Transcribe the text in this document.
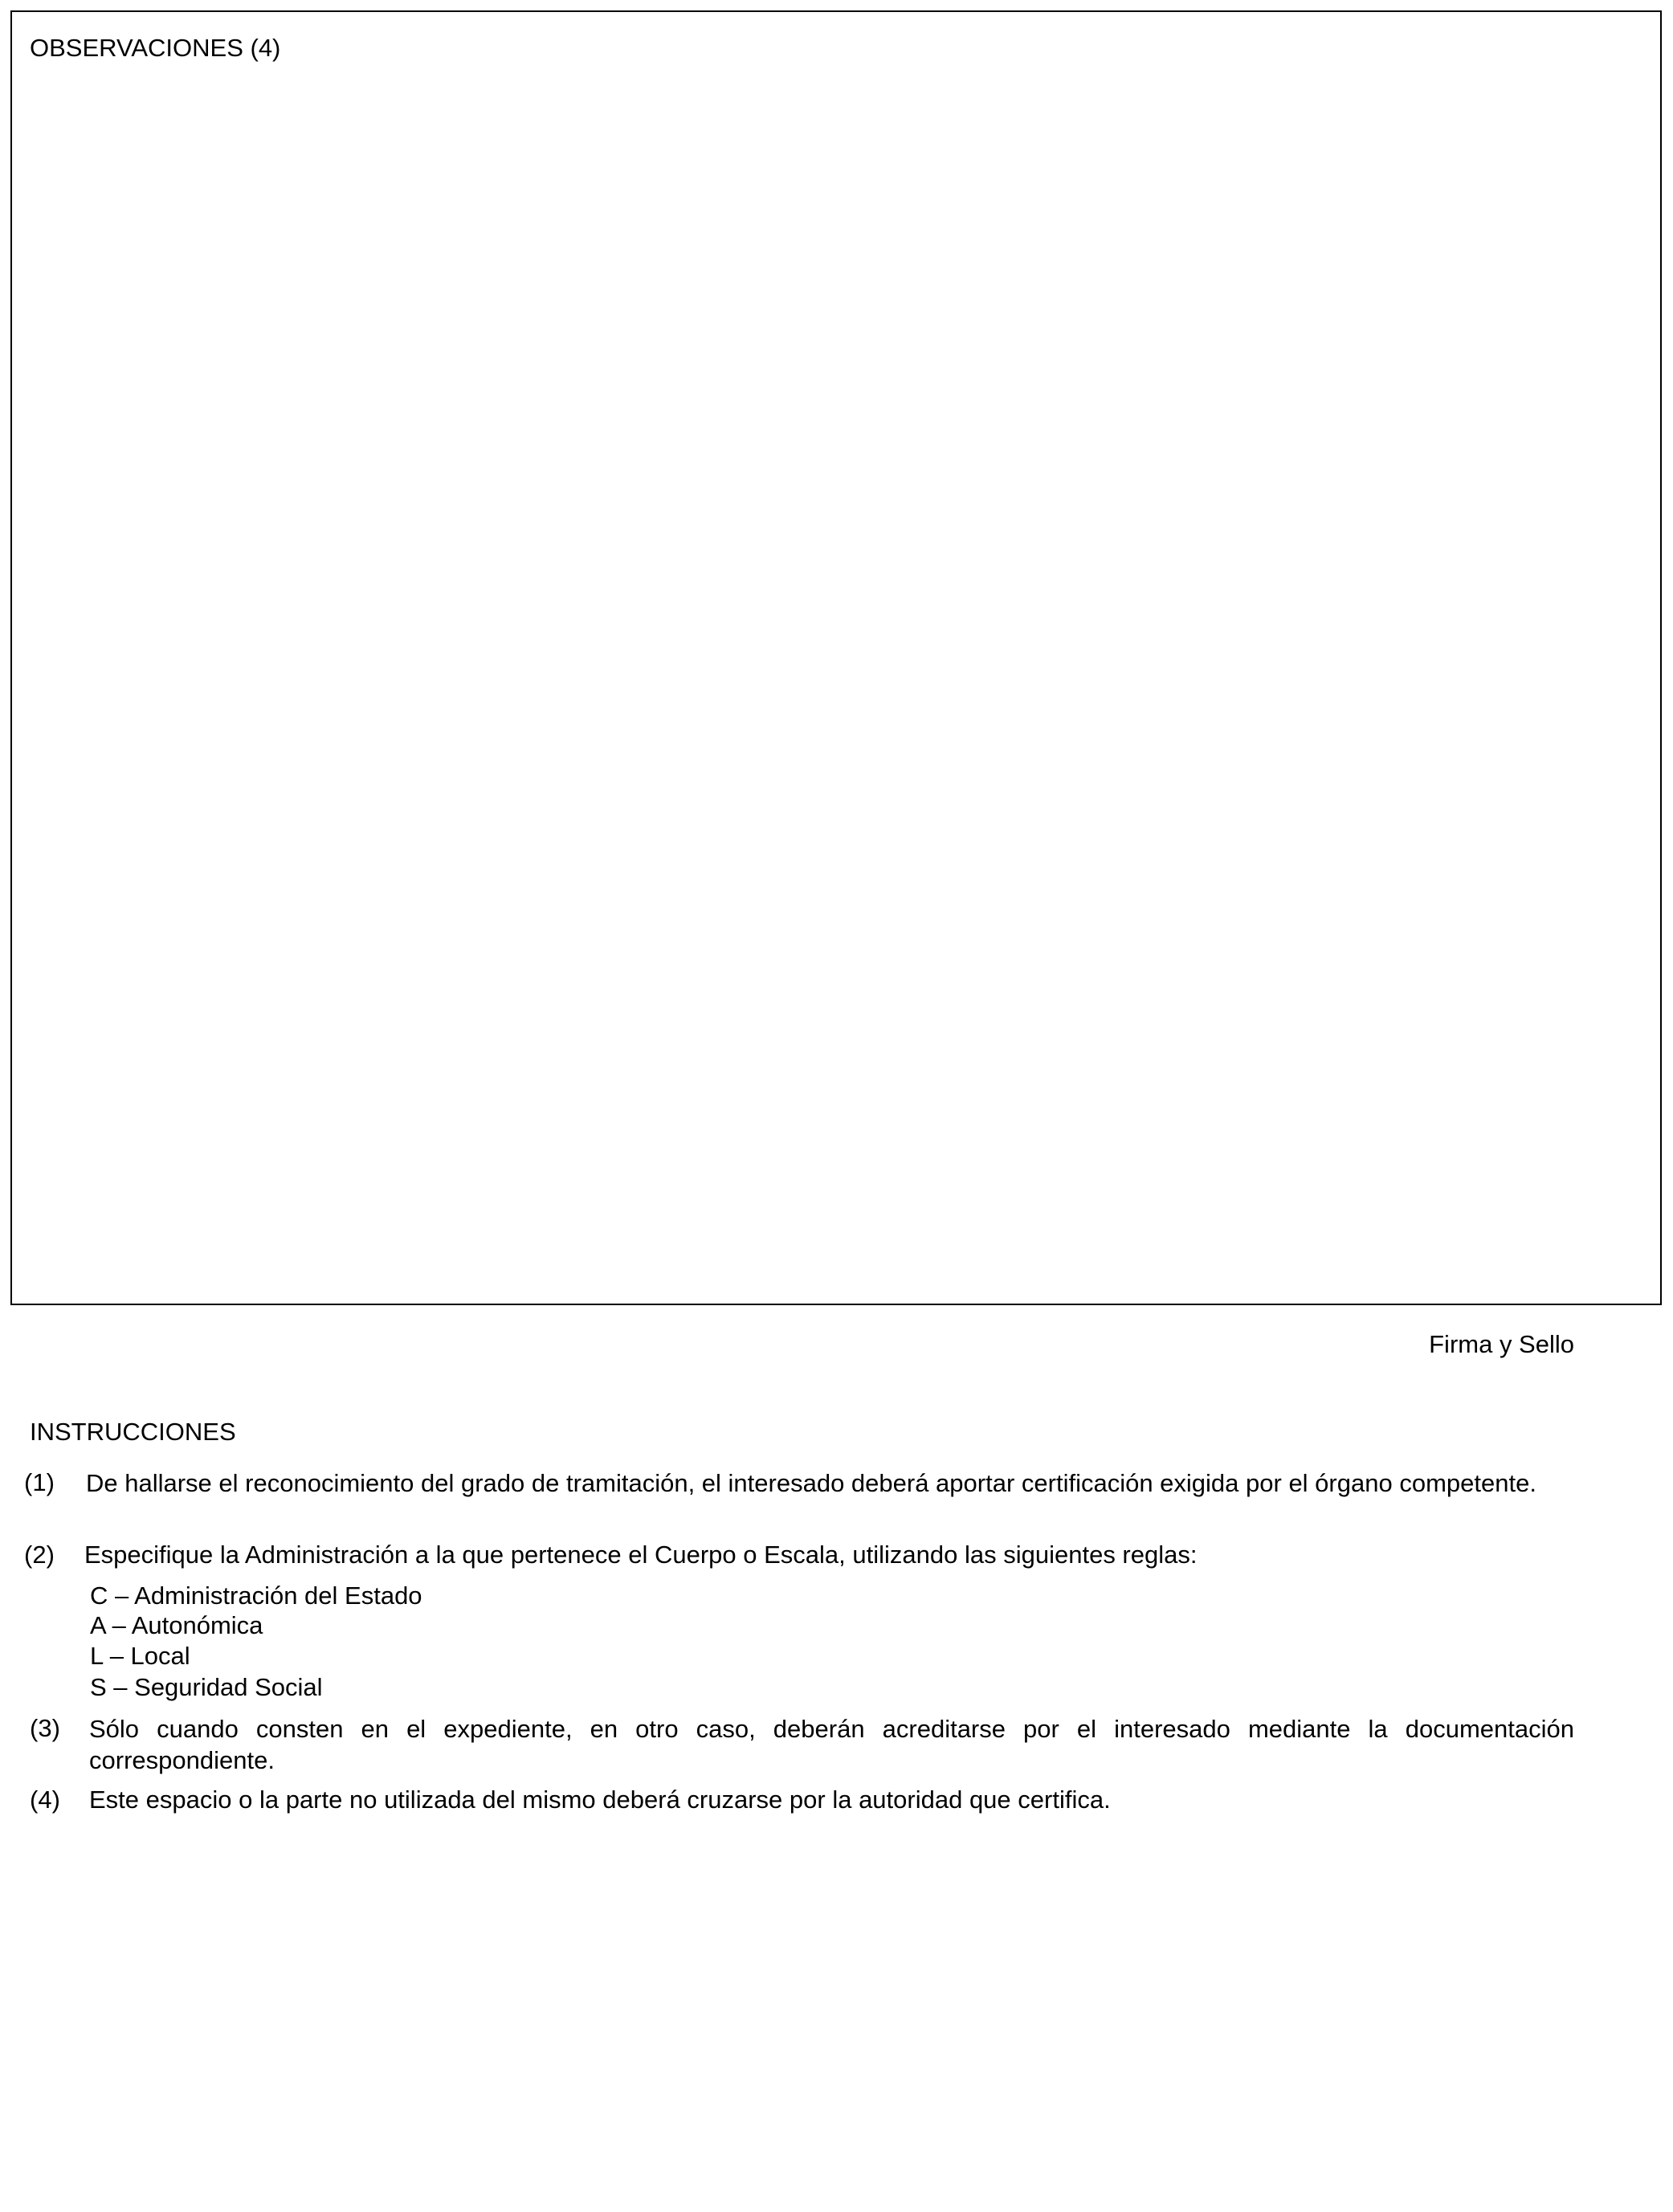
OBSERVACIONES (4)
Firma y Sello
INSTRUCCIONES
(1) De hallarse el reconocimiento del grado de tramitación, el interesado deberá aportar certificación exigida por el órgano competente.
(2) Especifique la Administración a la que pertenece el Cuerpo o Escala, utilizando las siguientes reglas:
C – Administración del Estado
A – Autonómica
L – Local
S – Seguridad Social
(3) Sólo cuando consten en el expediente, en otro caso, deberán acreditarse por el interesado mediante la documentación correspondiente.
(4) Este espacio o la parte no utilizada del mismo deberá cruzarse por la autoridad que certifica.
